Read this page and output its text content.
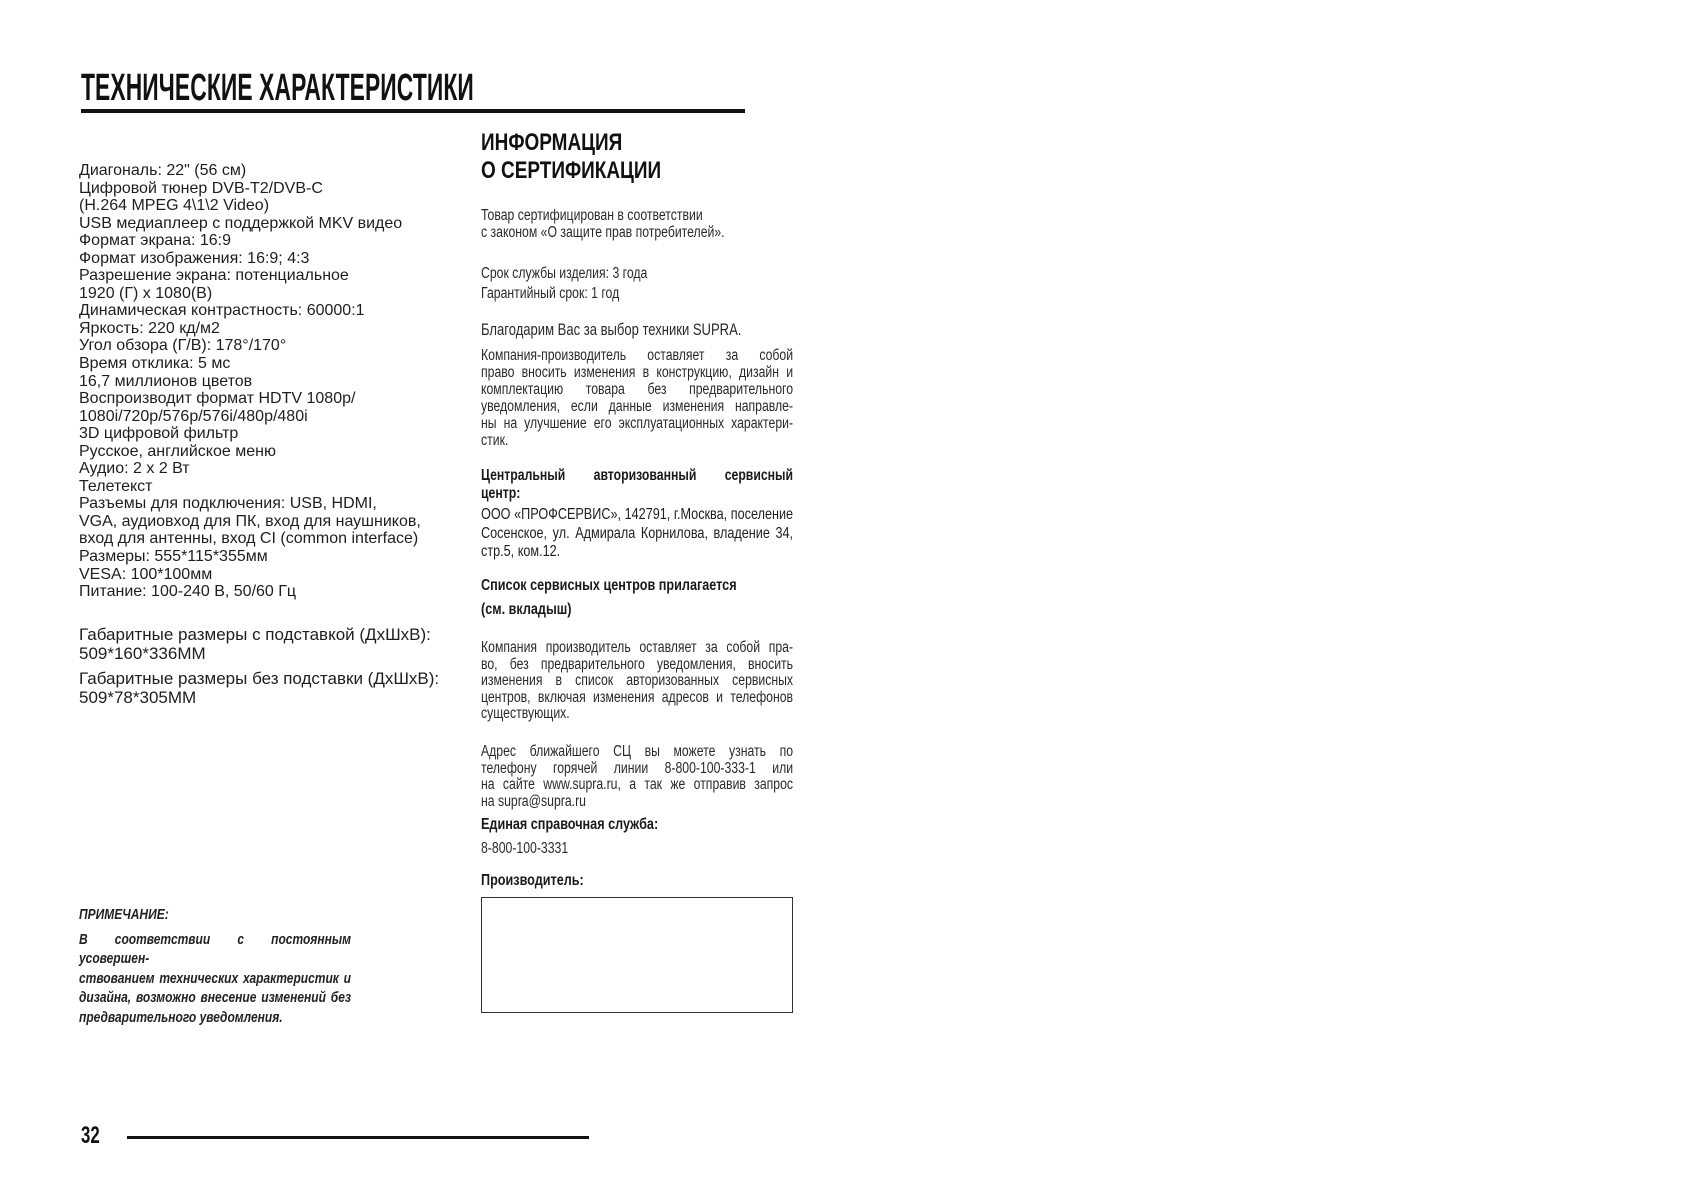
ТЕХНИЧЕСКИЕ ХАРАКТЕРИСТИКИ
Диагональ: 22" (56 см)
Цифровой тюнер DVB-T2/DVB-C
(H.264 MPEG 4\1\2 Video)
USB медиаплеер с поддержкой MKV видео
Формат экрана: 16:9
Формат изображения: 16:9; 4:3
Разрешение экрана: потенциальное
1920 (Г) х 1080(В)
Динамическая контрастность: 60000:1
Яркость: 220 кд/м2
Угол обзора (Г/В): 178°/170°
Время отклика: 5 мс
16,7 миллионов цветов
Воспроизводит формат HDTV 1080p/
1080i/720p/576p/576i/480p/480i
3D цифровой фильтр
Русское, английское меню
Аудио: 2 х 2 Вт
Телетекст
Разъемы для подключения: USB, HDMI,
VGA, аудиовход для ПК, вход для наушников,
вход для антенны, вход CI (common interface)
Размеры: 555*115*355мм
VESA: 100*100мм
Питание: 100-240 В, 50/60 Гц
Габаритные размеры с подставкой (ДхШхВ):
509*160*336ММ
Габаритные размеры без подставки (ДхШхВ):
509*78*305ММ
ПРИМЕЧАНИЕ:
В соответствии с постоянным усовершен-
ствованием технических характеристик и
дизайна, возможно внесение изменений без
предварительного уведомления.
ИНФОРМАЦИЯ
О СЕРТИФИКАЦИИ
Товар сертифицирован в соответствии
с законом «О защите прав потребителей».
Срок службы изделия: 3 года
Гарантийный срок: 1 год
Благодарим Вас за выбор техники SUPRA.
Компания-производитель оставляет за собой
право вносить изменения в конструкцию, дизайн и
комплектацию товара без предварительного
уведомления, если данные изменения направле-
ны на улучшение его эксплуатационных характери-
стик.
Центральный авторизованный сервисный
центр:
ООО «ПРОФСЕРВИС», 142791, г.Москва, поселение
Сосенское, ул. Адмирала Корнилова, владение 34,
стр.5, ком.12.
Список сервисных центров прилагается
(см. вкладыш)
Компания производитель оставляет за собой пра-
во, без предварительного уведомления, вносить
изменения в список авторизованных сервисных
центров, включая изменения адресов и телефонов
существующих.
Адрес ближайшего СЦ вы можете узнать по
телефону горячей линии 8-800-100-333-1 или
на сайте www.supra.ru, а так же отправив запрос
на supra@supra.ru
Единая справочная служба:
8-800-100-3331
Производитель:
32
